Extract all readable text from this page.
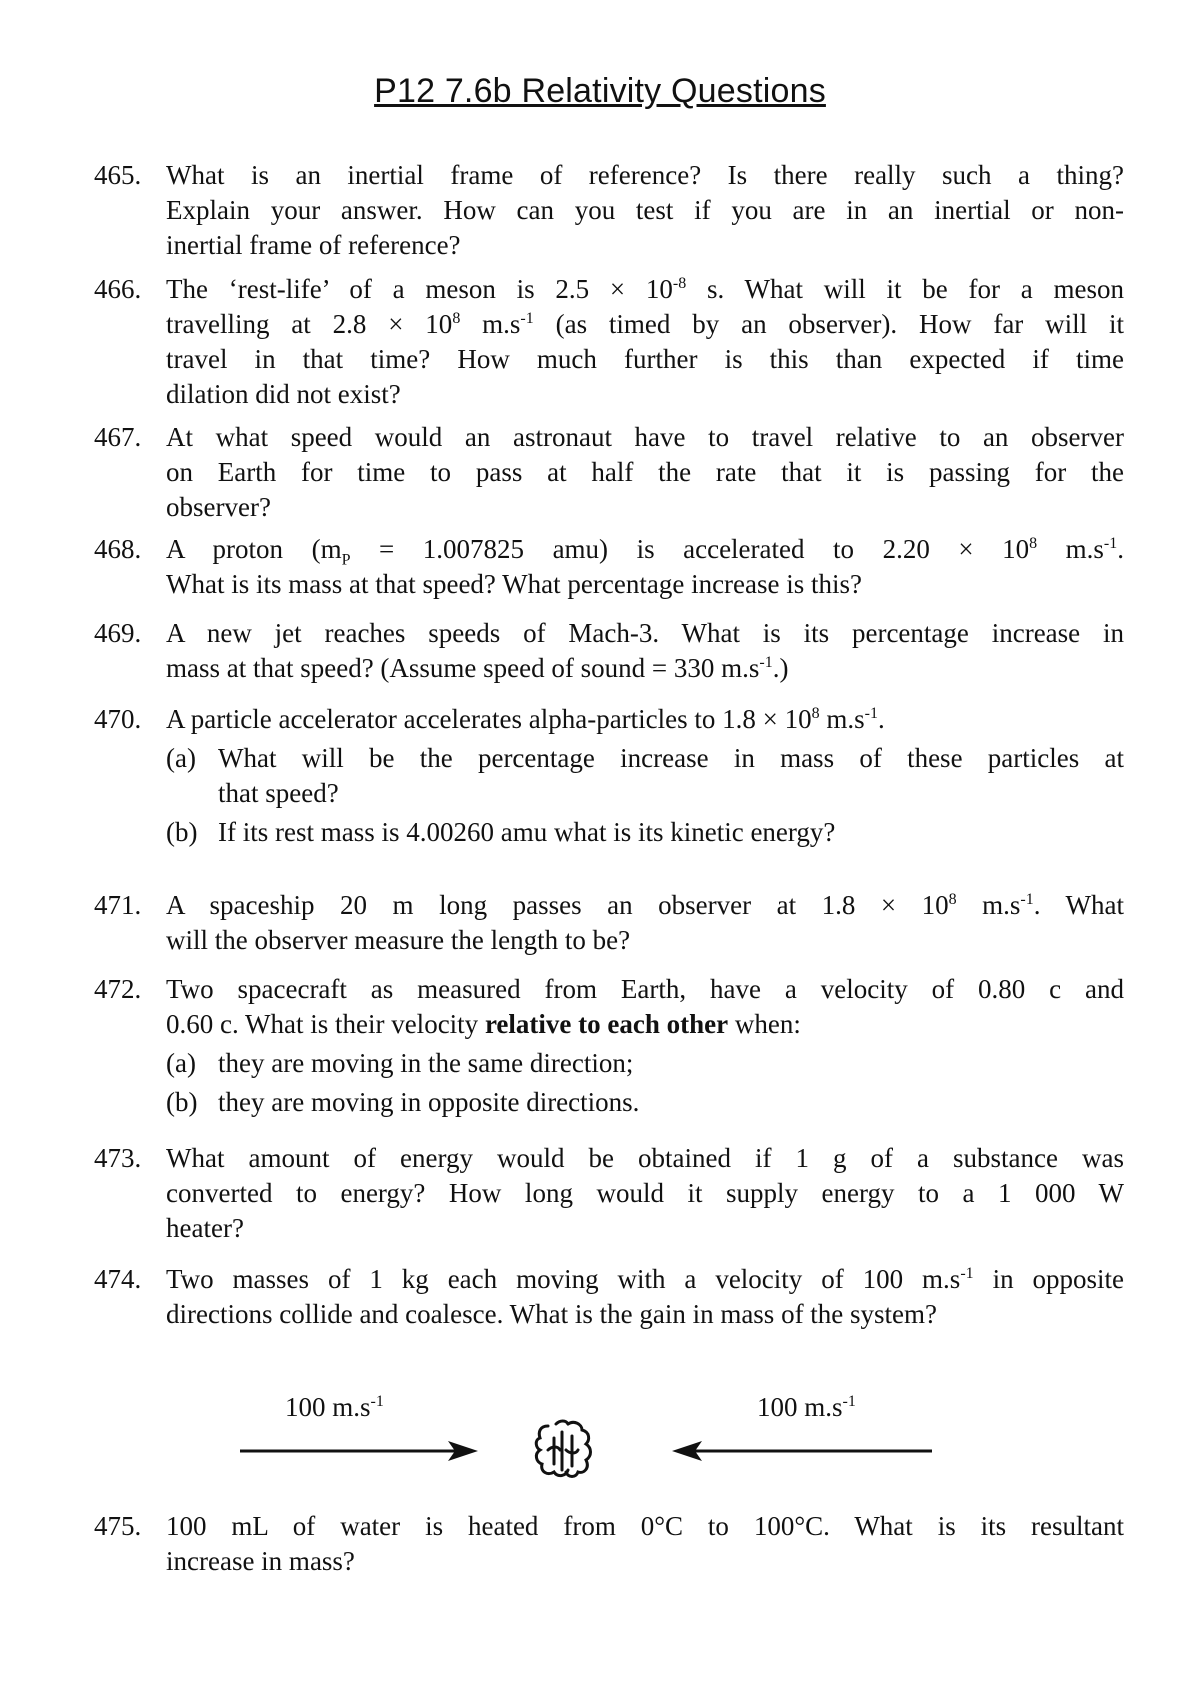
P12 7.6b Relativity Questions
465. What is an inertial frame of reference? Is there really such a thing?
Explain your answer. How can you test if you are in an inertial or non-
inertial frame of reference?
466. The ‘rest-life’ of a meson is $2.5 \times 10^{-8}$ s. What will it be for a meson
travelling at $2.8 \times 10^8$ $m.s^{-1}$ (as timed by an observer). How far will it
travel in that time? How much further is this than expected if time
dilation did not exist?
467. At what speed would an astronaut have to travel relative to an observer
on Earth for time to pass at half the rate that it is passing for the
observer?
468. A proton ($m_P = 1.007825$ amu) is accelerated to $2.20 \times 10^8$ $m.s^{-1}$.
What is its mass at that speed? What percentage increase is this?
469. A new jet reaches speeds of Mach-3. What is its percentage increase in
mass at that speed? (Assume speed of sound = 330 $m.s^{-1}$.)
470. A particle accelerator accelerates alpha-particles to $1.8 \times 10^8$ $m.s^{-1}$.
(a) What will be the percentage increase in mass of these particles at
that speed?
(b) If its rest mass is 4.00260 amu what is its kinetic energy?
471. A spaceship 20 m long passes an observer at $1.8 \times 10^8$ $m.s^{-1}$. What
will the observer measure the length to be?
472. Two spacecraft as measured from Earth, have a velocity of 0.80 c and
0.60 c. What is their velocity relative to each other when:
(a) they are moving in the same direction;
(b) they are moving in opposite directions.
473. What amount of energy would be obtained if 1 g of a substance was
converted to energy? How long would it supply energy to a 1 000 W
heater?
474. Two masses of 1 kg each moving with a velocity of 100 $m.s^{-1}$ in opposite
directions collide and coalesce. What is the gain in mass of the system?
100 $m.s^{-1}$	100 $m.s^{-1}$
475. 100 mL of water is heated from 0°C to 100°C. What is its resultant
increase in mass?
